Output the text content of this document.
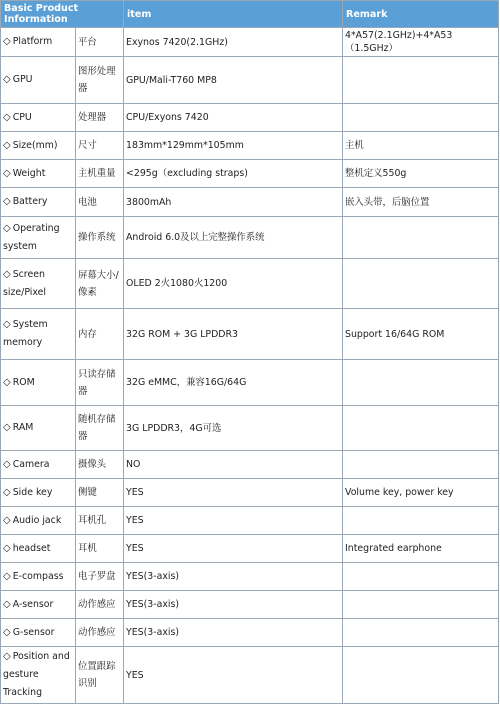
Basic Product Information		item	Remark
◇ Platform	平台	Exynos 7420(2.1GHz)	4*A57(2.1GHz)+4*A53（1.5GHz）
◇ GPU	图形处理器	GPU/Mali-T760 MP8	
◇ CPU	处理器	CPU/Exyons 7420	
◇ Size(mm)	尺寸	183mm*129mm*105mm	主机
◇ Weight	主机重量	<295g（excluding straps)	整机定义550g
◇ Battery	电池	3800mAh	嵌入头带，后脑位置
◇ Operating system	操作系统	Android 6.0及以上完整操作系统	
◇ Screen size/Pixel	屏幕大小/像素	OLED 2火1080火1200	
◇ System memory	内存	32G ROM + 3G LPDDR3	Support 16/64G ROM
◇ ROM	只读存储器	32G eMMC，兼容16G/64G	
◇ RAM	随机存储器	3G LPDDR3，4G可选	
◇ Camera	摄像头	NO	
◇ Side key	侧键	YES	Volume key, power key
◇ Audio jack	耳机孔	YES	
◇ headset	耳机	YES	Integrated earphone
◇ E-compass	电子罗盘	YES(3-axis)	
◇ A-sensor	动作感应	YES(3-axis)	
◇ G-sensor	动作感应	YES(3-axis)	
◇ Position and gesture Tracking	位置跟踪识别	YES	
